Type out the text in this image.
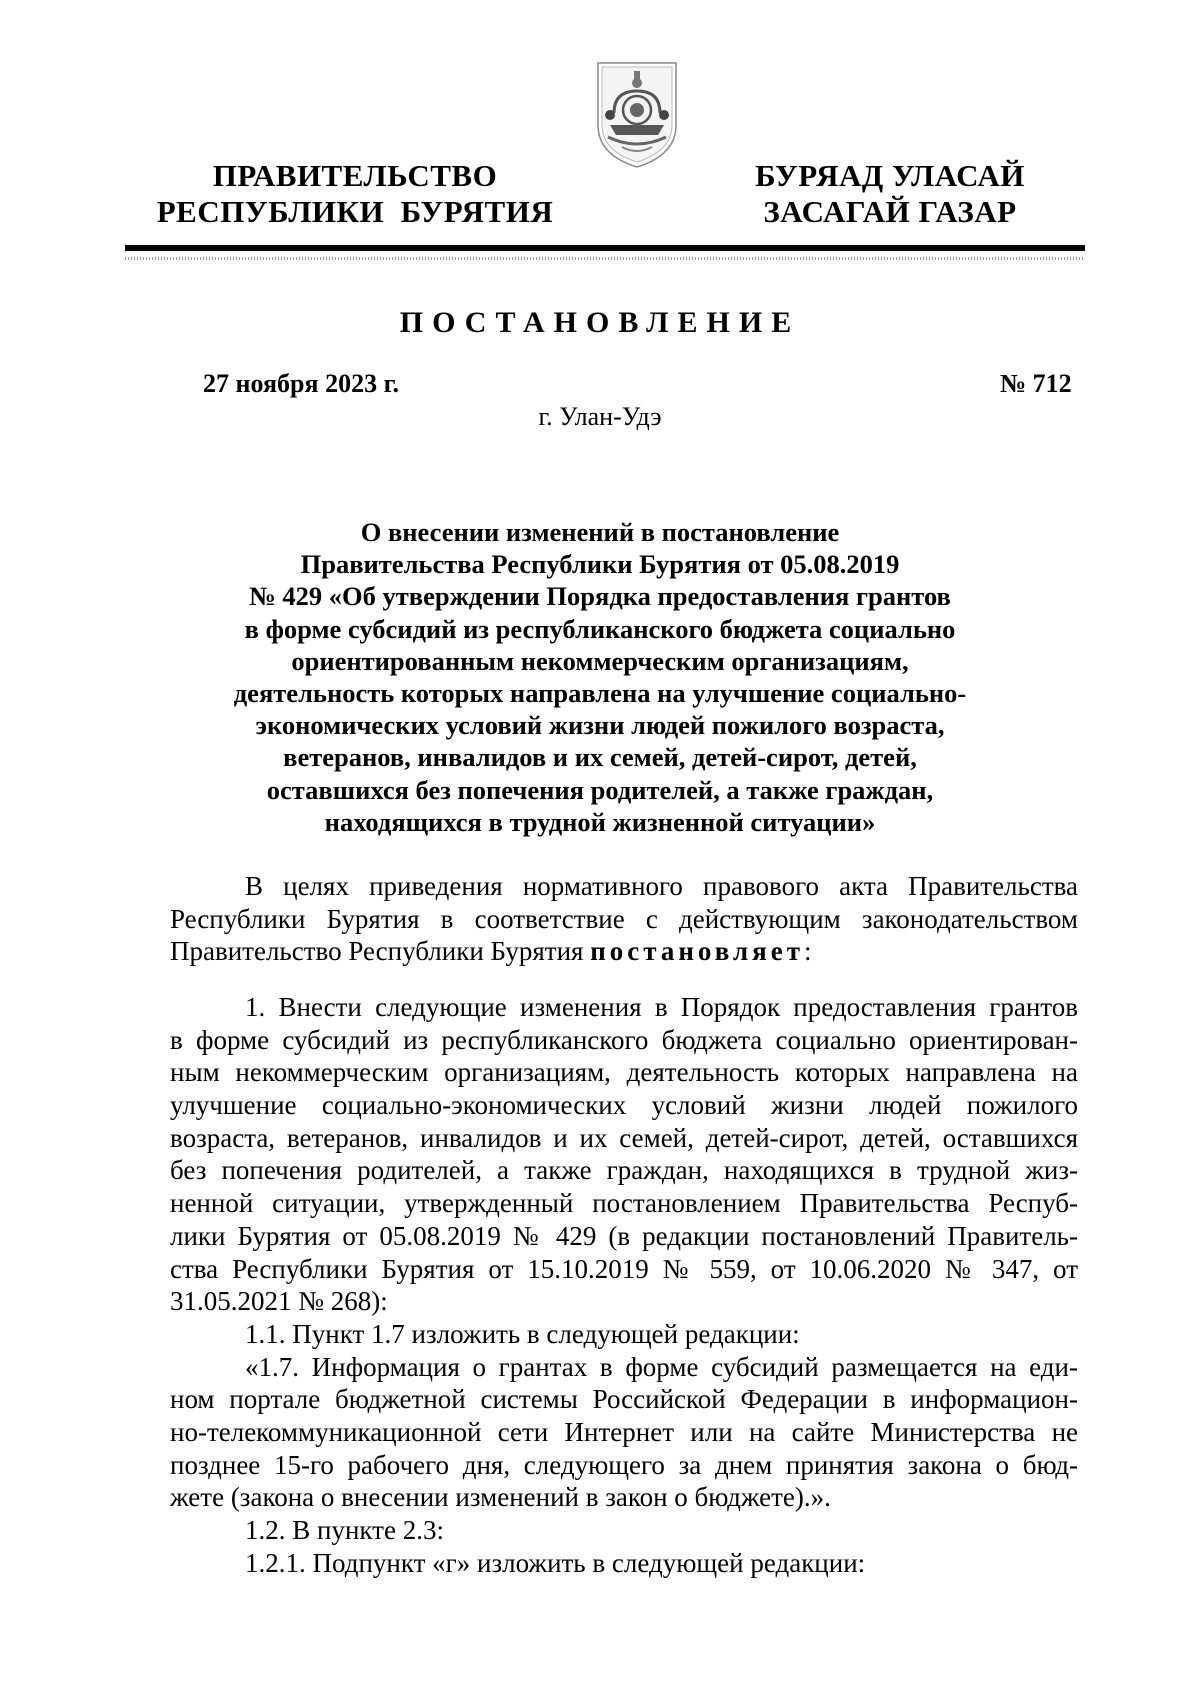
ПРАВИТЕЛЬСТВО
РЕСПУБЛИКИ  БУРЯТИЯ
БУРЯАД УЛАСАЙ
ЗАСАГАЙ ГАЗАР
ПОСТАНОВЛЕНИЕ
27 ноября 2023 г.	№ 712
г. Улан-Удэ
О внесении изменений в постановление
Правительства Республики Бурятия от 05.08.2019
№ 429 «Об утверждении Порядка предоставления грантов
в форме субсидий из республиканского бюджета социально
ориентированным некоммерческим организациям,
деятельность которых направлена на улучшение социально-
экономических условий жизни людей пожилого возраста,
ветеранов, инвалидов и их семей, детей-сирот, детей,
оставшихся без попечения родителей, а также граждан,
находящихся в трудной жизненной ситуации»
В целях приведения нормативного правового акта Правительства
Республики Бурятия в соответствие с действующим законодательством
Правительство Республики Бурятия постановляет:
1. Внести следующие изменения в Порядок предоставления грантов
в форме субсидий из республиканского бюджета социально ориентирован-
ным некоммерческим организациям, деятельность которых направлена на
улучшение социально-экономических условий жизни людей пожилого
возраста, ветеранов, инвалидов и их семей, детей-сирот, детей, оставшихся
без попечения родителей, а также граждан, находящихся в трудной жиз-
ненной ситуации, утвержденный постановлением Правительства Респуб-
лики Бурятия от 05.08.2019 № 429 (в редакции постановлений Правитель-
ства Республики Бурятия от 15.10.2019 № 559, от 10.06.2020 № 347, от
31.05.2021 № 268):
1.1. Пункт 1.7 изложить в следующей редакции:
«1.7. Информация о грантах в форме субсидий размещается на еди-
ном портале бюджетной системы Российской Федерации в информацион-
но-телекоммуникационной сети Интернет или на сайте Министерства не
позднее 15-го рабочего дня, следующего за днем принятия закона о бюд-
жете (закона о внесении изменений в закон о бюджете).».
1.2. В пункте 2.3:
1.2.1. Подпункт «г» изложить в следующей редакции:
